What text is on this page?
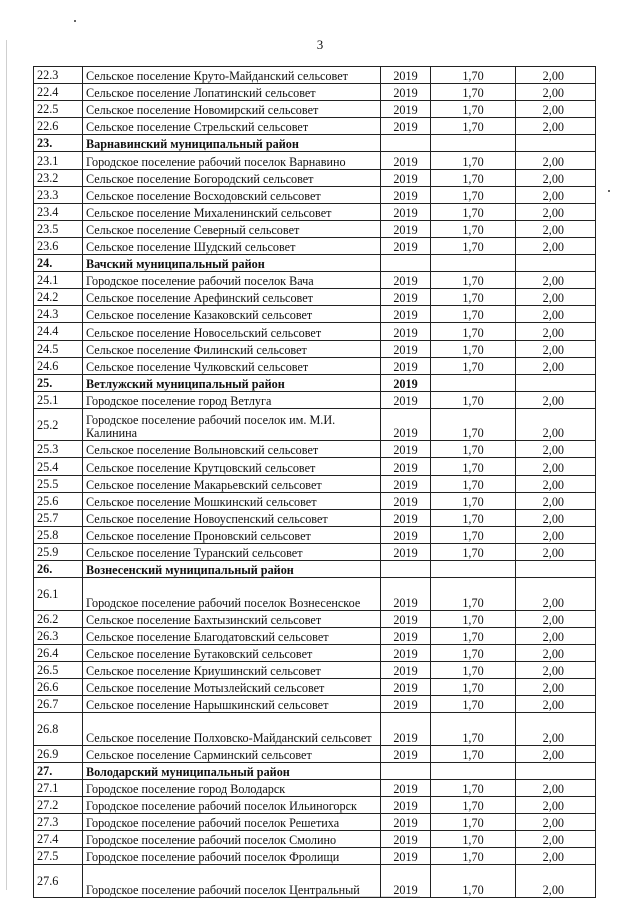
3
22.3	Сельское поселение Круто-Майданский сельсовет	2019	1,70	2,00
22.4	Сельское поселение Лопатинский сельсовет	2019	1,70	2,00
22.5	Сельское поселение Новомирский сельсовет	2019	1,70	2,00
22.6	Сельское поселение Стрельский сельсовет	2019	1,70	2,00
23.	Варнавинский муниципальный район			
23.1	Городское поселение рабочий поселок Варнавино	2019	1,70	2,00
23.2	Сельское поселение Богородский сельсовет	2019	1,70	2,00
23.3	Сельское поселение Восходовский сельсовет	2019	1,70	2,00
23.4	Сельское поселение Михаленинский сельсовет	2019	1,70	2,00
23.5	Сельское поселение Северный сельсовет	2019	1,70	2,00
23.6	Сельское поселение Шудский сельсовет	2019	1,70	2,00
24.	Вачский муниципальный район			
24.1	Городское поселение рабочий поселок Вача	2019	1,70	2,00
24.2	Сельское поселение Арефинский сельсовет	2019	1,70	2,00
24.3	Сельское поселение Казаковский сельсовет	2019	1,70	2,00
24.4	Сельское поселение Новосельский сельсовет	2019	1,70	2,00
24.5	Сельское поселение Филинский сельсовет	2019	1,70	2,00
24.6	Сельское поселение Чулковский сельсовет	2019	1,70	2,00
25.	Ветлужский муниципальный район	2019		
25.1	Городское поселение город Ветлуга	2019	1,70	2,00
25.2	Городское поселение рабочий поселок им. М.И. Калинина	2019	1,70	2,00
25.3	Сельское поселение Волыновский сельсовет	2019	1,70	2,00
25.4	Сельское поселение Крутцовский сельсовет	2019	1,70	2,00
25.5	Сельское поселение Макарьевский сельсовет	2019	1,70	2,00
25.6	Сельское поселение Мошкинский сельсовет	2019	1,70	2,00
25.7	Сельское поселение Новоуспенский сельсовет	2019	1,70	2,00
25.8	Сельское поселение Проновский сельсовет	2019	1,70	2,00
25.9	Сельское поселение Туранский сельсовет	2019	1,70	2,00
26.	Вознесенский муниципальный район			
26.1	Городское поселение рабочий поселок Вознесенское	2019	1,70	2,00
26.2	Сельское поселение Бахтызинский сельсовет	2019	1,70	2,00
26.3	Сельское поселение Благодатовский сельсовет	2019	1,70	2,00
26.4	Сельское поселение Бутаковский сельсовет	2019	1,70	2,00
26.5	Сельское поселение Криушинский сельсовет	2019	1,70	2,00
26.6	Сельское поселение Мотызлейский сельсовет	2019	1,70	2,00
26.7	Сельское поселение Нарышкинский сельсовет	2019	1,70	2,00
26.8	Сельское поселение Полховско-Майданский сельсовет	2019	1,70	2,00
26.9	Сельское поселение Сарминский сельсовет	2019	1,70	2,00
27.	Володарский муниципальный район			
27.1	Городское поселение город Володарск	2019	1,70	2,00
27.2	Городское поселение рабочий поселок Ильиногорск	2019	1,70	2,00
27.3	Городское поселение рабочий поселок Решетиха	2019	1,70	2,00
27.4	Городское поселение рабочий поселок Смолино	2019	1,70	2,00
27.5	Городское поселение рабочий поселок Фролищи	2019	1,70	2,00
27.6	Городское поселение рабочий поселок Центральный	2019	1,70	2,00
